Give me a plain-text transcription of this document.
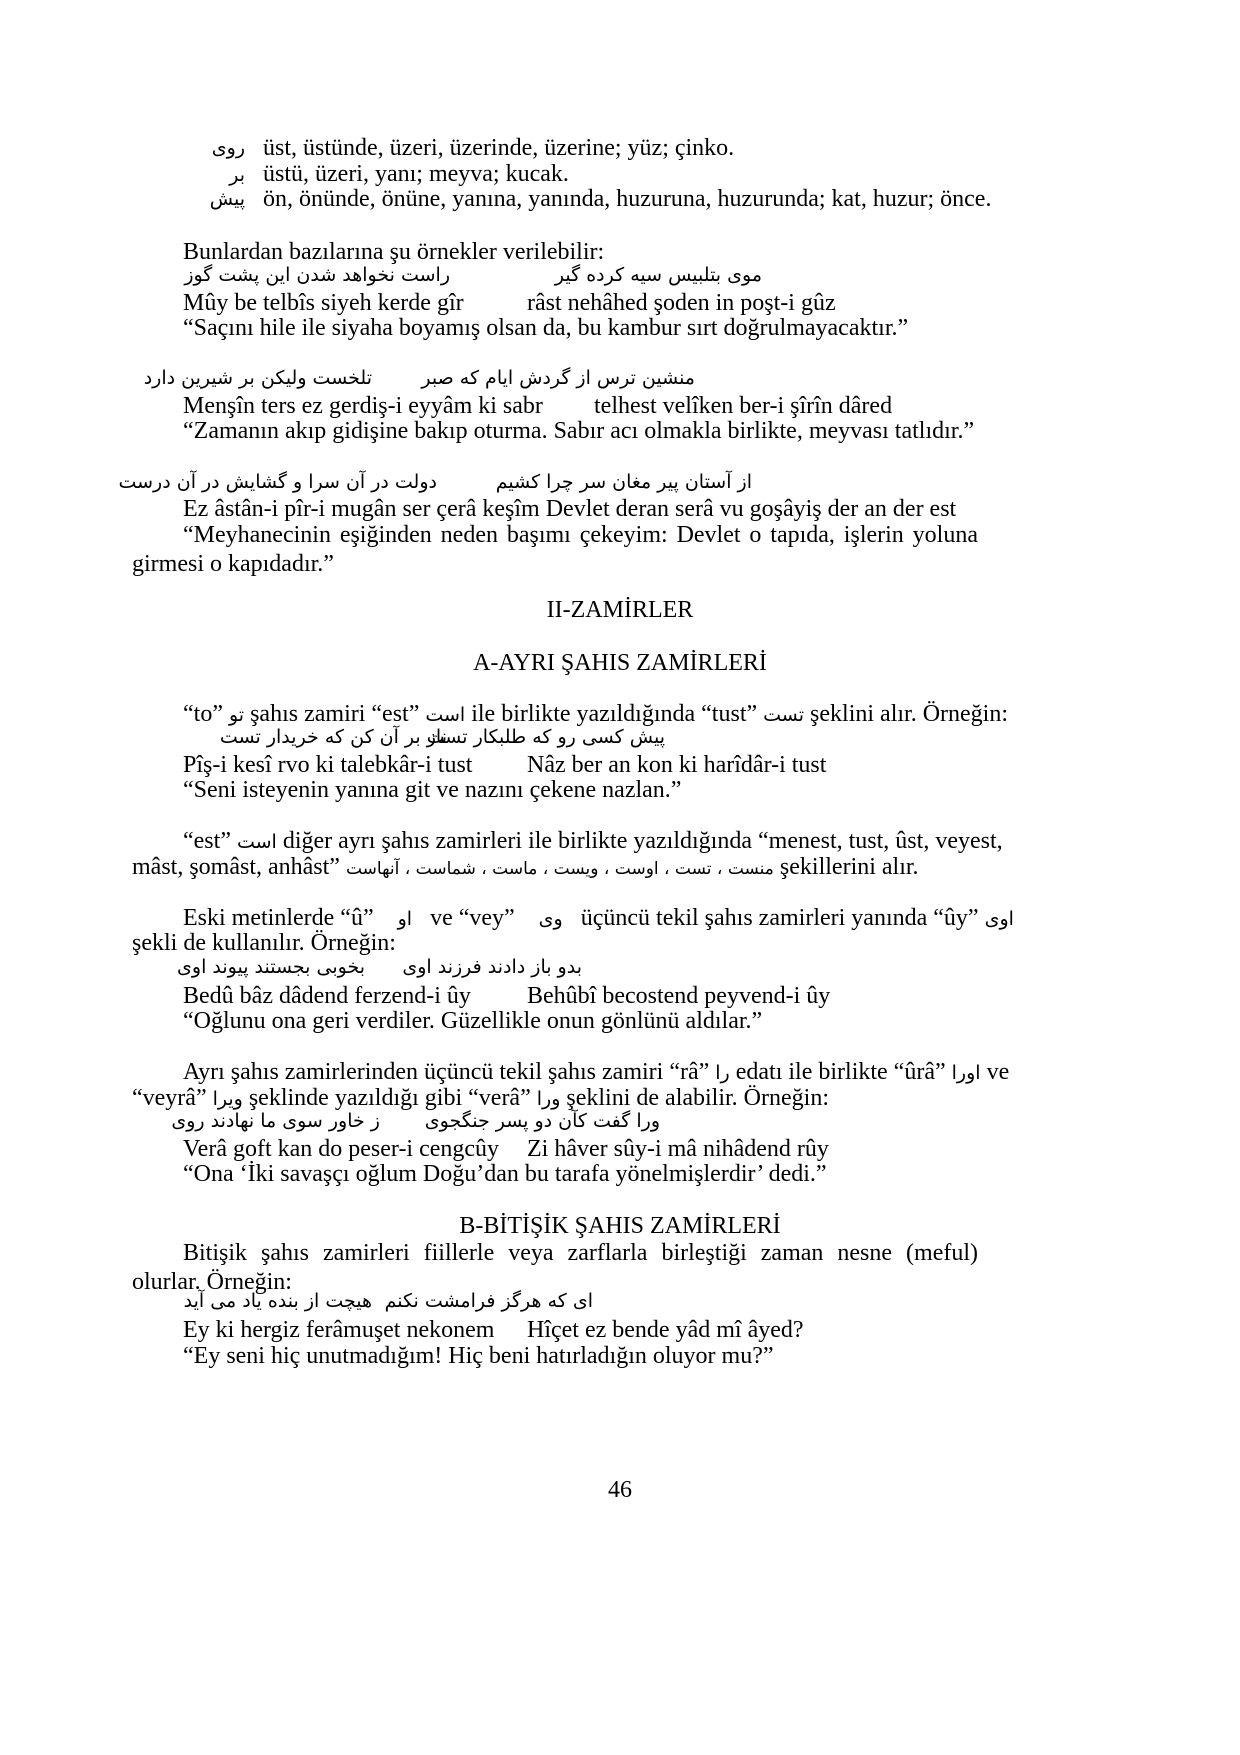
روی üst, üstünde, üzeri, üzerinde, üzerine; yüz; çinko.
بر üstü, üzeri, yanı; meyva; kucak.
پیش ön, önünde, önüne, yanına, yanında, huzuruna, huzurunda; kat, huzur; önce.
Bunlardan bazılarına şu örnekler verilebilir:
موی بتلبیس سیه کرده گیر
راست نخواهد شدن این پشت گوز
Mûy be telbîs siyeh kerde gîr	râst nehâhed şoden in poşt-i gûz
“Saçını hile ile siyaha boyamış olsan da, bu kambur sırt doğrulmayacaktır.”
منشین ترس از گردش ایام که صبر
تلخست ولیکن بر شیرین دارد
Menşîn ters ez gerdiş-i eyyâm ki sabr telhest velîken ber-i şîrîn dâred
“Zamanın akıp gidişine bakıp oturma. Sabır acı olmakla birlikte, meyvası tatlıdır.”
از آستان پیر مغان سر چرا کشیم
دولت در آن سرا و گشایش در آن درست
Ez âstân-i pîr-i mugân ser çerâ keşîm Devlet deran serâ vu goşâyiş der an der est
“Meyhanecinin eşiğinden neden başımı çekeyim: Devlet o tapıda, işlerin yoluna girmesi o kapıdadır.”
II-ZAMİRLER
A-AYRI ŞAHIS ZAMİRLERİ
“to” تو şahıs zamiri “est” است ile birlikte yazıldığında “tust” تست şeklini alır. Örneğin:
پیش کسی رو که طلبکار تست
ناز بر آن کن که خریدار تست
Pîş-i kesî rvo ki talebkâr-i tust Nâz ber an kon ki harîdâr-i tust
“Seni isteyenin yanına git ve nazını çekene nazlan.”
“est” است diğer ayrı şahıs zamirleri ile birlikte yazıldığında “menest, tust, ûst, veyest,
mâst, şomâst, anhâst” منست ، تست ، اوست ، ویست ، ماست ، شماست ، آنهاست şekillerini alır.
Eski metinlerde “û” او ve “vey” وی üçüncü tekil şahıs zamirleri yanında “ûy” اوی
şekli de kullanılır. Örneğin:
بدو باز دادند فرزند اوی
بخوبی بجستند پیوند اوی
Bedû bâz dâdend ferzend-i ûy Behûbî becostend peyvend-i ûy
“Oğlunu ona geri verdiler. Güzellikle onun gönlünü aldılar.”
Ayrı şahıs zamirlerinden üçüncü tekil şahıs zamiri “râ” را edatı ile birlikte “ûrâ” اورا ve
“veyrâ” ویرا şeklinde yazıldığı gibi “verâ” ورا şeklini de alabilir. Örneğin:
ورا گفت کآن دو پسر جنگجوی
ز خاور سوی ما نهادند روی
Verâ goft kan do peser-i cengcûy Zi hâver sûy-i mâ nihâdend rûy
“Ona ‘İki savaşçı oğlum Doğu’dan bu tarafa yönelmişlerdir’ dedi.”
B-BİTİŞİK ŞAHIS ZAMİRLERİ
Bitişik şahıs zamirleri fiillerle veya zarflarla birleştiği zaman nesne (meful) olurlar. Örneğin:
ای که هرگز فرامشت نکنم
هیچت از بنده یاد می آید
Ey ki hergiz ferâmuşet nekonem Hîçet ez bende yâd mî âyed?
“Ey seni hiç unutmadığım! Hiç beni hatırladığın oluyor mu?”
46
